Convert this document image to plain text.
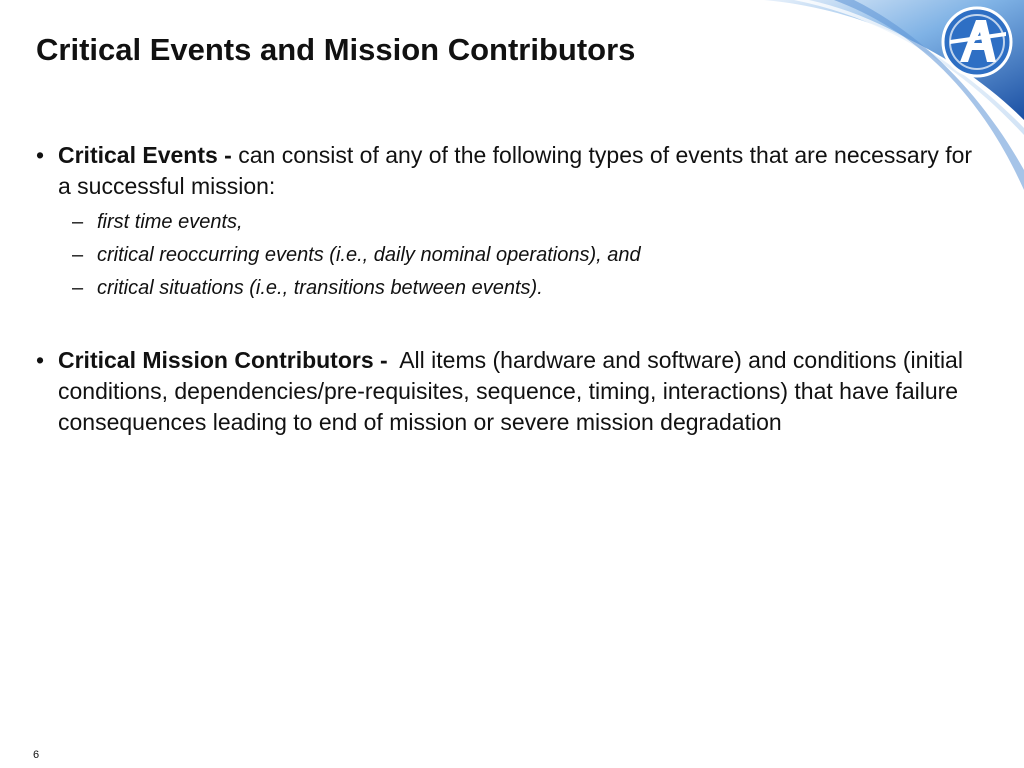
Critical Events and Mission Contributors
• Critical Events - can consist of any of the following types of events that are necessary for a successful mission:
– first time events,
– critical reoccurring events (i.e., daily nominal operations), and
– critical situations (i.e., transitions between events).
• Critical Mission Contributors - All items (hardware and software) and conditions (initial conditions, dependencies/pre-requisites, sequence, timing, interactions) that have failure consequences leading to end of mission or severe mission degradation
6
